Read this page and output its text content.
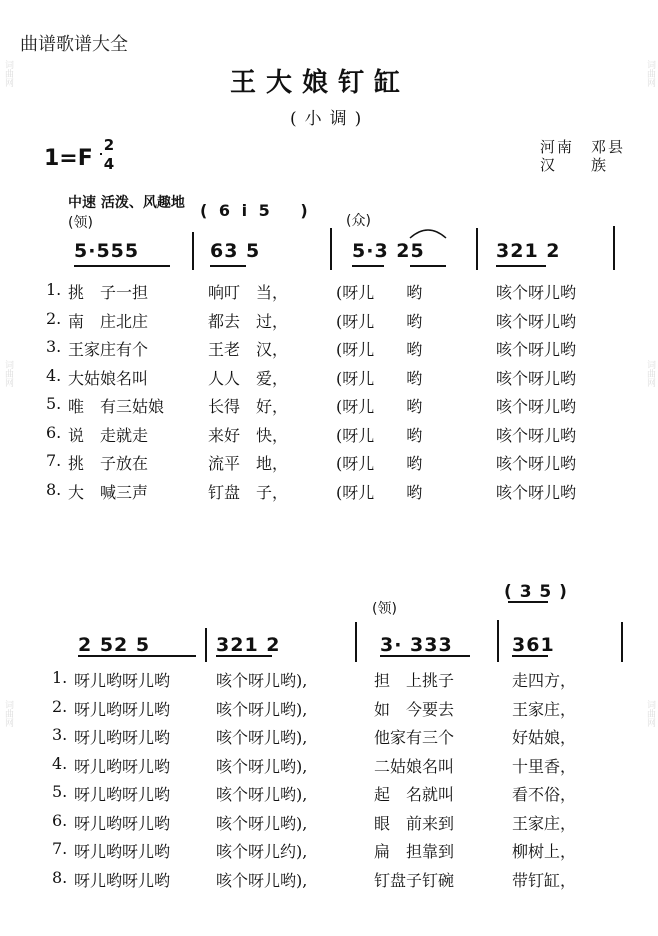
曲谱歌谱大全
王大娘钉缸
(小调)
1=F
2
4
河南　邓县
汉　　族
中速 活泼、风趣地
(领)
( 6 i 5　 )
(众)
5·555	63 5	5·3 25	321 2
1. 挑　子一担	响叮　当，	(呀儿　　哟	咳个呀儿哟
2. 南　庄北庄	都去　过，	(呀儿　　哟	咳个呀儿哟
3. 王家庄有个	王老　汉，	(呀儿　　哟	咳个呀儿哟
4. 大姑娘名叫	人人　爱，	(呀儿　　哟	咳个呀儿哟
5. 唯　有三姑娘	长得　好，	(呀儿　　哟	咳个呀儿哟
6. 说　走就走	来好　快，	(呀儿　　哟	咳个呀儿哟
7. 挑　子放在	流平　地，	(呀儿　　哟	咳个呀儿哟
8. 大　喊三声	钉盘　子，	(呀儿　　哟	咳个呀儿哟
(领)
( 3 5 )
2 52 5	321 2	3· 333	361
1. 呀儿哟呀儿哟	咳个呀儿哟),	担　上挑子	走四方，
2. 呀儿哟呀儿哟	咳个呀儿哟),	如　今要去	王家庄，
3. 呀儿哟呀儿哟	咳个呀儿哟),	他家有三个	好姑娘，
4. 呀儿哟呀儿哟	咳个呀儿哟),	二姑娘名叫	十里香，
5. 呀儿哟呀儿哟	咳个呀儿哟),	起　名就叫	看不俗，
6. 呀儿哟呀儿哟	咳个呀儿哟),	眼　前来到	王家庄，
7. 呀儿哟呀儿哟	咳个呀儿约),	扁　担靠到	柳树上，
8. 呀儿哟呀儿哟	咳个呀儿哟),	钉盘子钉碗	带钉缸，
词曲网
词曲网
词曲网
词曲网
词曲网
词曲网
